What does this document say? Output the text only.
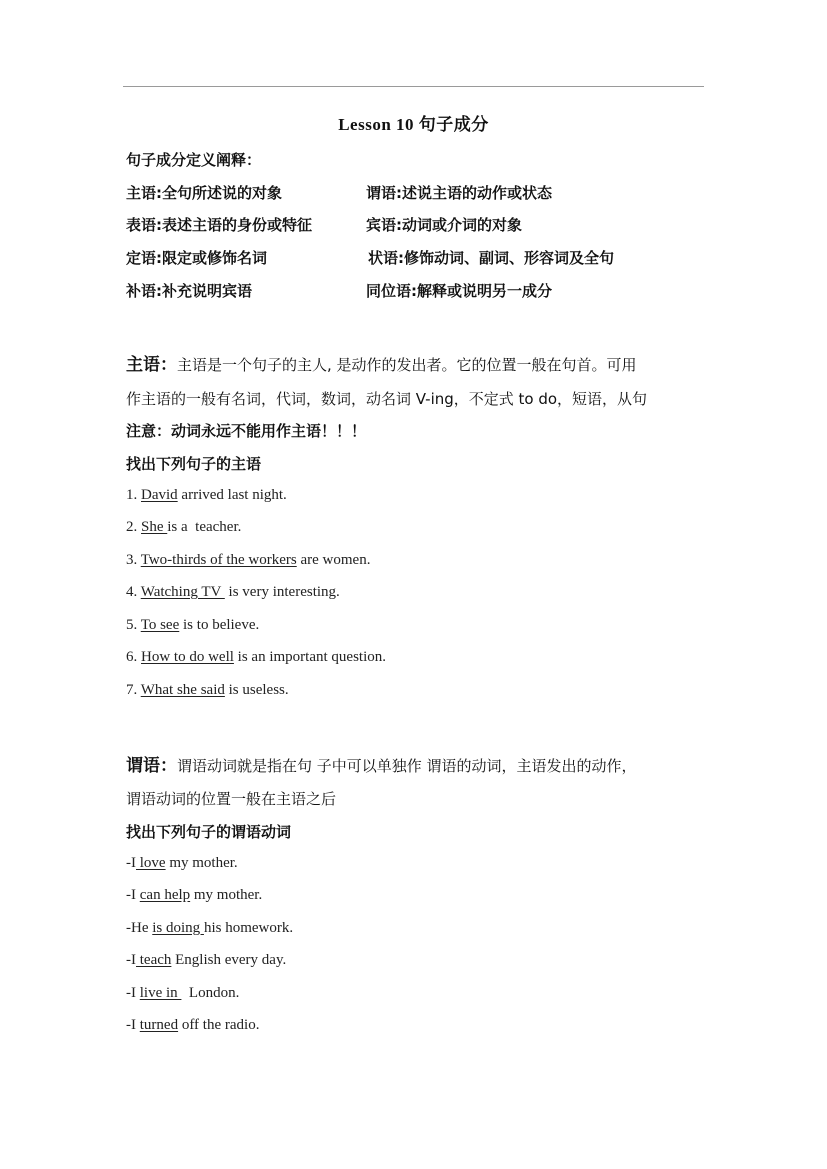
Lesson 10 句子成分
句子成分定义阐释：
主语:全句所述说的对象	谓语:述说主语的动作或状态
表语:表述主语的身份或特征	宾语:动词或介词的对象
定语:限定或修饰名词	状语:修饰动词、副词、形容词及全句
补语:补充说明宾语	同位语:解释或说明另一成分
主语：主语是一个句子的主人, 是动作的发出者。它的位置一般在句首。可用
作主语的一般有名词，代词，数词，动名词 V-ing，不定式 to do，短语，从句
注意：动词永远不能用作主语！！！
找出下列句子的主语
1. David arrived last night.
2. She is a  teacher.
3. Two-thirds of the workers are women.
4. Watching TV  is very interesting.
5. To see is to believe.
6. How to do well is an important question.
7. What she said is useless.
谓语：谓语动词就是指在句 子中可以单独作 谓语的动词，主语发出的动作，
谓语动词的位置一般在主语之后
找出下列句子的谓语动词
-I love my mother.
-I can help my mother.
-He is doing his homework.
-I teach English every day.
-I live in   London.
-I turned off the radio.
